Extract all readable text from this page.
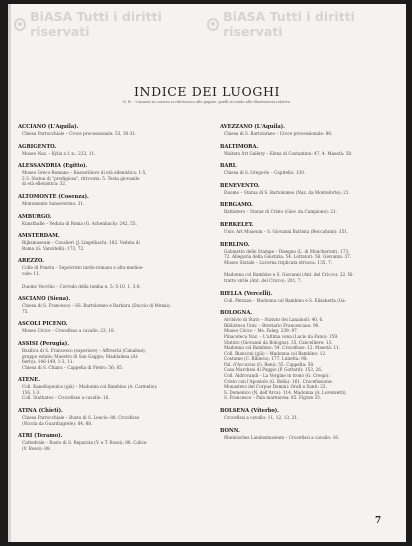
BiASA Tutti i diritti riservati
BiASA Tutti i diritti riservati
INDICE DEI LUOGHI
N. B. - I numeri in corsivo si riferiscono alle pagine, quelli in tondo alle illustrazioni relative.
ACCIANO (L'Aquila).
Chiesa Parrocchiale – Croce processionale: 53, 30-31.
AGRIGENTO.
Museo Naz. – Kylix a f. n.: 223, 11.
ALESSANDRIA (Egitto).
Museo Greco-Romano – Bassorilievo di età ellenistica: 1-5,
2-3. Statua di "prodigiosa", ritrovata: 5. Testa giovanile
di età ellenistica: 32.
ALTOMONTE (Cosenza).
Monumento Sanseverino: 21.
AMBURGO.
Kunsthalle – Veduta di Roma (G. Achenbach): 242, 55.
AMSTERDAM.
Rijksmuseum – Cavalieri (J. Lingelbach): 182. Veduta di
Roma (G. Vanvitelli): 173, 72.
AREZZO.
Colle di Poneta – Sepolcreto tardo-romano e alto-medioe-
vale: 11.
Duomo Vecchio – Corredo della tomba n. 5: 5-10, 1, 3-8.
ASCIANO (Siena).
Chiesa di S. Francesco – SS. Bartolomeo e Barbara (Duccio di Menai): 75.
ASCOLI PICENO.
Museo Civico – Crocefisso a cavallo: 23, 18.
ASSISI (Perugia).
Basilica di S. Francesco (superiore) – Affreschi (Cimabue);
gruppo estate; Maestro di San Gaggio; Maddalena (Al-
berto): 146-149, 1-3, 11.
Chiesa di S. Chiara – Cappella di Pietro: 56; 85.
ATENE.
Coll. Kanellopoulos (già) – Madonna col Bambino (A. Carmelio):
156, 1-3.
Coll. Stathatos – Crocefisso a cavallo: 16.
ATINA (Chieti).
Chiesa Parrocchiale – Busto di S. Leucio: 88. Crocifisso
(Nicola da Guardiagrele): 84, 88.
ATRI (Teramo).
Cattedrale – Busto di S. Reparata (V. e T. Rossi): 88. Calice
(V. Rossi): 88.
AVEZZANO (L'Aquila).
Chiesa di S. Bartolomeo – Croce processionale: 88.
BALTIMORA.
Walters Art Gallery – Elena di Costantino: 47, 4. Maestà: 58.
BARI.
Chiesa di S. Gregorio – Capitello: 130.
BENEVENTO.
Duomo – Statua di S. Bartolomeo (Naz. da Monteforte): 21.
BERGAMO.
Battistero – Statue di Cristo (Giov. da Campione): 21.
BERKELEY.
Univ. Art Museum – S. Giovanni Battista (Beccafumi): 151.
BERLINO.
Gabinetto delle Stampe – Disegno (L. di Moncheront): 173,
72. Allegoria della Giustizia: 54. Lottatori: 56. Giovanni: 37.
Museo Statale – Lucerna triplicata etrusca: 135, 7.
Madonna col Bambino e S. Giovanni (Ant. del Cricco): 22. Ri-
tratto virile (Ant. del Cricco): 201, 7.
BIELLA (Vercelli).
Coll. Perazza – Madonna col Bambino e S. Elisabetta (Ga-
BOLOGNA.
Archivio di Stato – Statuto dei Lanaiuoli: 40, 6.
Biblioteca Univ. – Breviario Francescano: 90.
Museo Civico – Ms. Faleg. 239: 97.
Pinacoteca Naz. – L'ultima cena (Lucio da Fano): 159.
Statuto (Giovanni da Bologna): 33. Cancelliere: 13.
Madonna col Bambino: 54. Crocefisso: 12. Maestà: 11.
Coll. Bianconi (già) – Madonna col Bambino: 12.
Costume (C. Ribiera): 177. Lunetta: 98.
Pal. d'Accursio (G. Reni): 55. Cappella: 58.
Casa Marchesi di Poggio (P. Gottard): 153, 26.
Coll. Aldrovandi – La Vergine in trono (G. Crespi):
Cristo con l'Apostolo (G. Bella): 161. Crocefissione:
Monastero del Corpus Domini: Orafi e Santi: 23.
S. Domenico (N. dell'Arca): 114. Madonna (A. Lorenzetti).
S. Francesco – Pala marmorea: 85. Figure 33.
BOLSENA (Viterbo).
Crocefissi a cavallo: 11, 12, 13, 21.
BONN.
Rheinisches Landesmuseum – Crocefissi a cavallo: 16.
7
